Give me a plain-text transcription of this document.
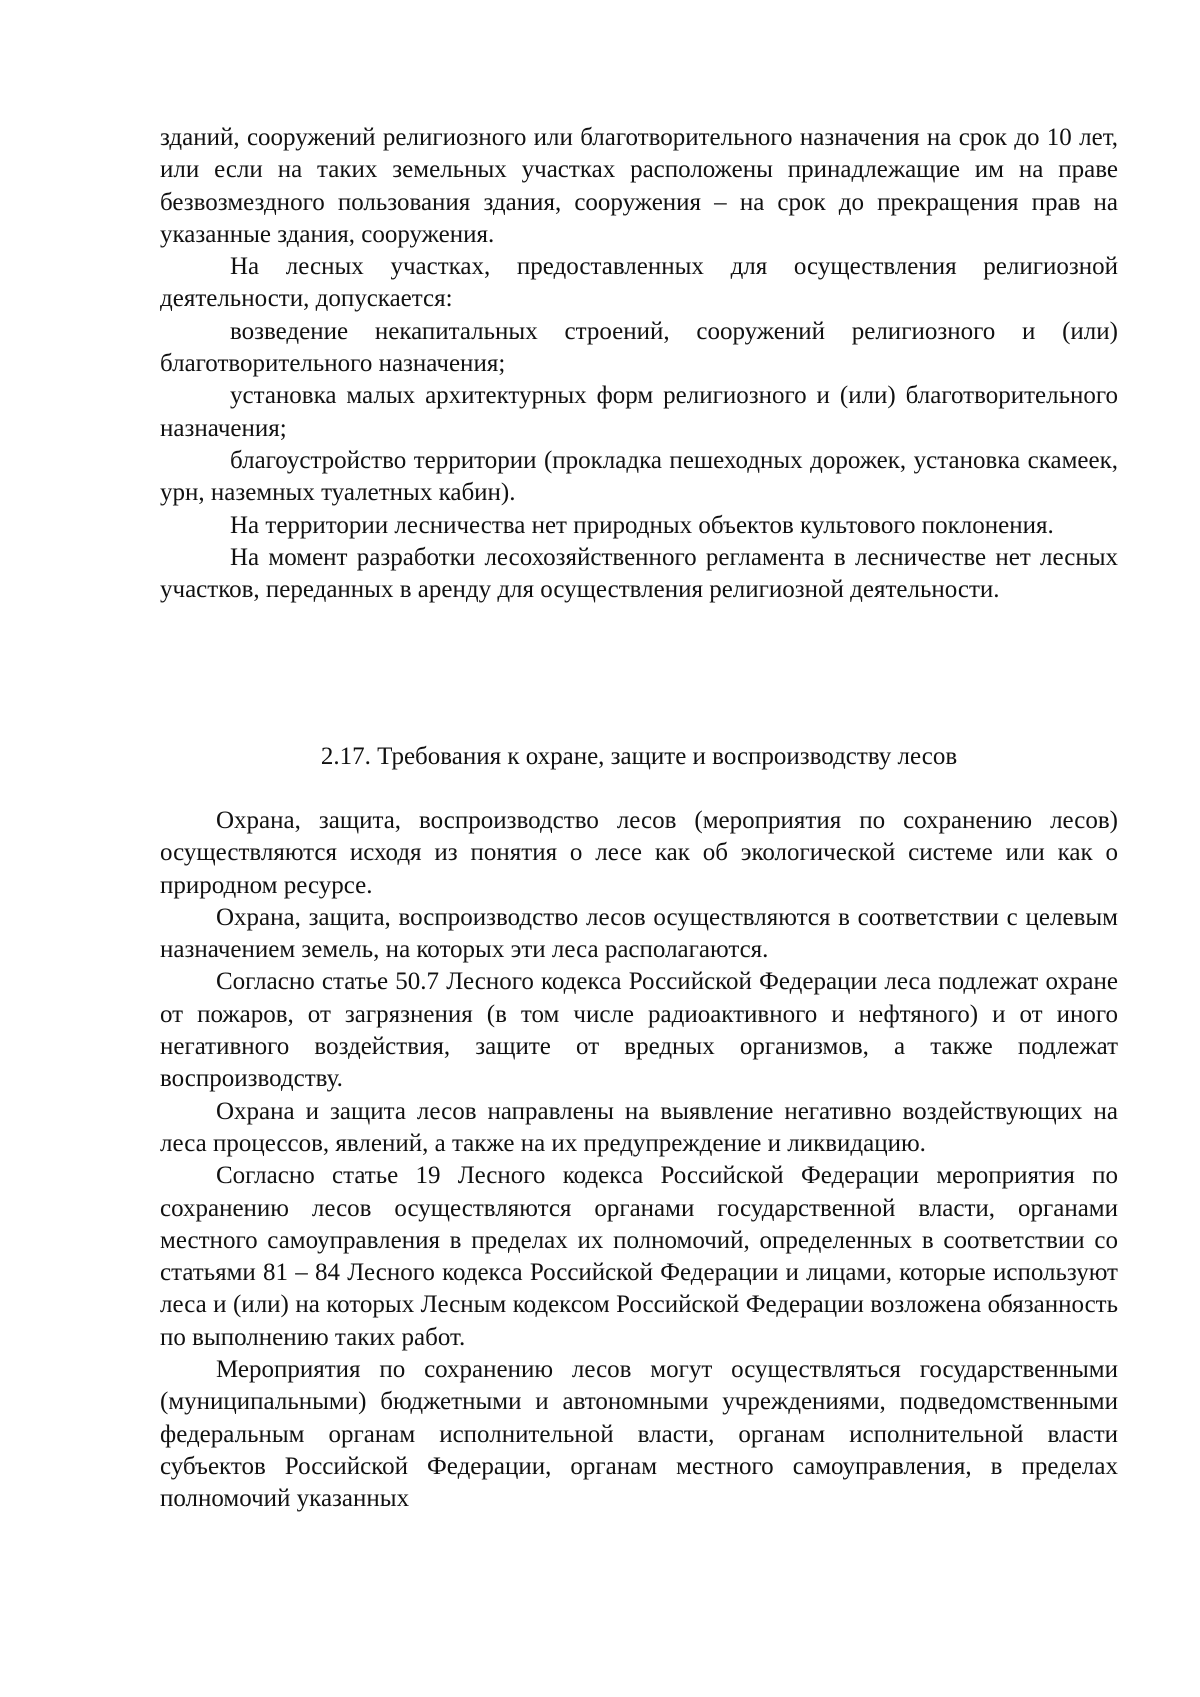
зданий, сооружений религиозного или благотворительного назначения на срок до 10 лет, или если на таких земельных участках расположены принадлежащие им на праве безвозмездного пользования здания, сооружения – на срок до прекращения прав на указанные здания, сооружения.

На лесных участках, предоставленных для осуществления религиозной деятельности, допускается:

возведение некапитальных строений, сооружений религиозного и (или) благотворительного назначения;

установка малых архитектурных форм религиозного и (или) благотворительного назначения;

благоустройство территории (прокладка пешеходных дорожек, установка скамеек, урн, наземных туалетных кабин).

На территории лесничества нет природных объектов культового поклонения.

На момент разработки лесохозяйственного регламента в лесничестве нет лесных участков, переданных в аренду для осуществления религиозной деятельности.

2.17. Требования к охране, защите и воспроизводству лесов

Охрана, защита, воспроизводство лесов (мероприятия по сохранению лесов) осуществляются исходя из понятия о лесе как об экологической системе или как о природном ресурсе.

Охрана, защита, воспроизводство лесов осуществляются в соответствии с целевым назначением земель, на которых эти леса располагаются.

Согласно статье 50.7 Лесного кодекса Российской Федерации леса подлежат охране от пожаров, от загрязнения (в том числе радиоактивного и нефтяного) и от иного негативного воздействия, защите от вредных организмов, а также подлежат воспроизводству.

Охрана и защита лесов направлены на выявление негативно воздействующих на леса процессов, явлений, а также на их предупреждение и ликвидацию.

Согласно статье 19 Лесного кодекса Российской Федерации мероприятия по сохранению лесов осуществляются органами государственной власти, органами местного самоуправления в пределах их полномочий, определенных в соответствии со статьями 81 – 84 Лесного кодекса Российской Федерации и лицами, которые используют леса и (или) на которых Лесным кодексом Российской Федерации возложена обязанность по выполнению таких работ.

Мероприятия по сохранению лесов могут осуществляться государственными (муниципальными) бюджетными и автономными учреждениями, подведомственными федеральным органам исполнительной власти, органам исполнительной власти субъектов Российской Федерации, органам местного самоуправления, в пределах полномочий указанных
